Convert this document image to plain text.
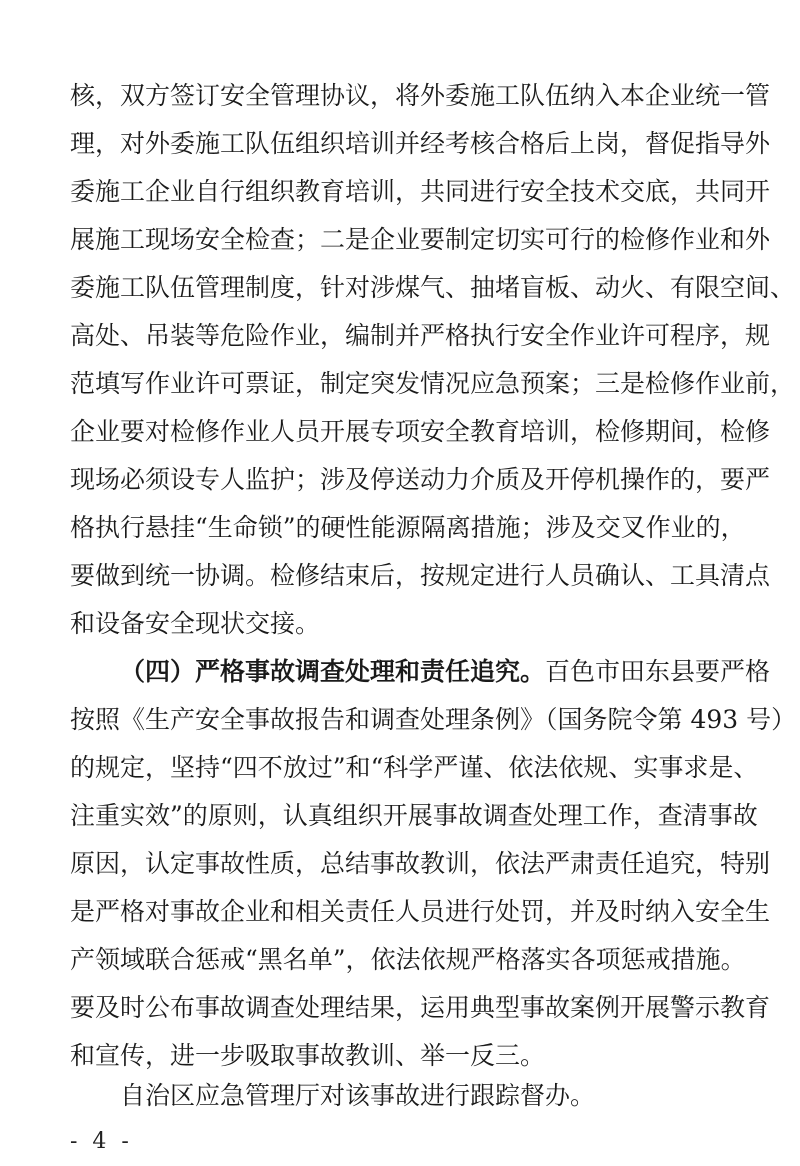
核，双方签订安全管理协议，将外委施工队伍纳入本企业统一管
理，对外委施工队伍组织培训并经考核合格后上岗，督促指导外
委施工企业自行组织教育培训，共同进行安全技术交底，共同开
展施工现场安全检查；二是企业要制定切实可行的检修作业和外
委施工队伍管理制度，针对涉煤气、抽堵盲板、动火、有限空间、
高处、吊装等危险作业，编制并严格执行安全作业许可程序，规
范填写作业许可票证，制定突发情况应急预案；三是检修作业前，
企业要对检修作业人员开展专项安全教育培训，检修期间，检修
现场必须设专人监护；涉及停送动力介质及开停机操作的，要严
格执行悬挂“生命锁”的硬性能源隔离措施；涉及交叉作业的，
要做到统一协调。检修结束后，按规定进行人员确认、工具清点
和设备安全现状交接。
（四）严格事故调查处理和责任追究。百色市田东县要严格
按照《生产安全事故报告和调查处理条例》（国务院令第 493 号）
的规定，坚持“四不放过”和“科学严谨、依法依规、实事求是、
注重实效”的原则，认真组织开展事故调查处理工作，查清事故
原因，认定事故性质，总结事故教训，依法严肃责任追究，特别
是严格对事故企业和相关责任人员进行处罚，并及时纳入安全生
产领域联合惩戒“黑名单”，依法依规严格落实各项惩戒措施。
要及时公布事故调查处理结果，运用典型事故案例开展警示教育
和宣传，进一步吸取事故教训、举一反三。
自治区应急管理厅对该事故进行跟踪督办。
- 4 -
